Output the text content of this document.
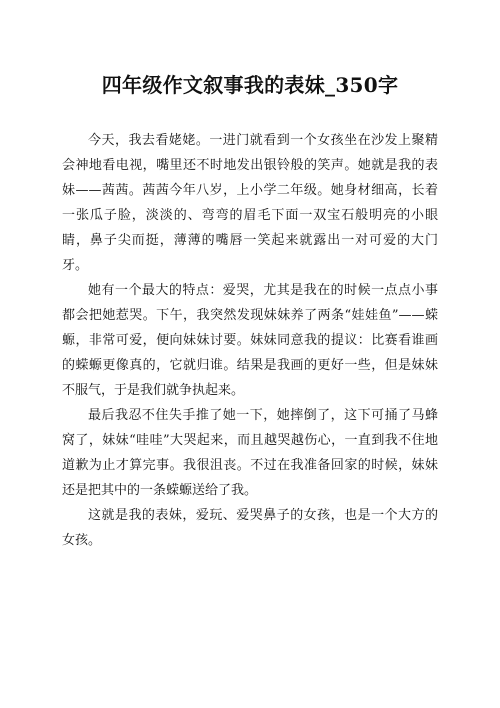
四年级作文叙事我的表妹_350字

今天，我去看姥姥。一进门就看到一个女孩坐在沙发上聚精会神地看电视，嘴里还不时地发出银铃般的笑声。她就是我的表妹——茜茜。茜茜今年八岁，上小学二年级。她身材细高，长着一张瓜子脸，淡淡的、弯弯的眉毛下面一双宝石般明亮的小眼睛，鼻子尖而挺，薄薄的嘴唇一笑起来就露出一对可爱的大门牙。

她有一个最大的特点：爱哭，尤其是我在的时候一点点小事都会把她惹哭。下午，我突然发现妹妹养了两条“娃娃鱼”——蝾螈，非常可爱，便向妹妹讨要。妹妹同意我的提议：比赛看谁画的蝾螈更像真的，它就归谁。结果是我画的更好一些，但是妹妹不服气，于是我们就争执起来。

最后我忍不住失手推了她一下，她摔倒了，这下可捅了马蜂窝了，妹妹“哇哇”大哭起来，而且越哭越伤心，一直到我不住地道歉为止才算完事。我很沮丧。不过在我准备回家的时候，妹妹还是把其中的一条蝾螈送给了我。

这就是我的表妹，爱玩、爱哭鼻子的女孩，也是一个大方的女孩。
